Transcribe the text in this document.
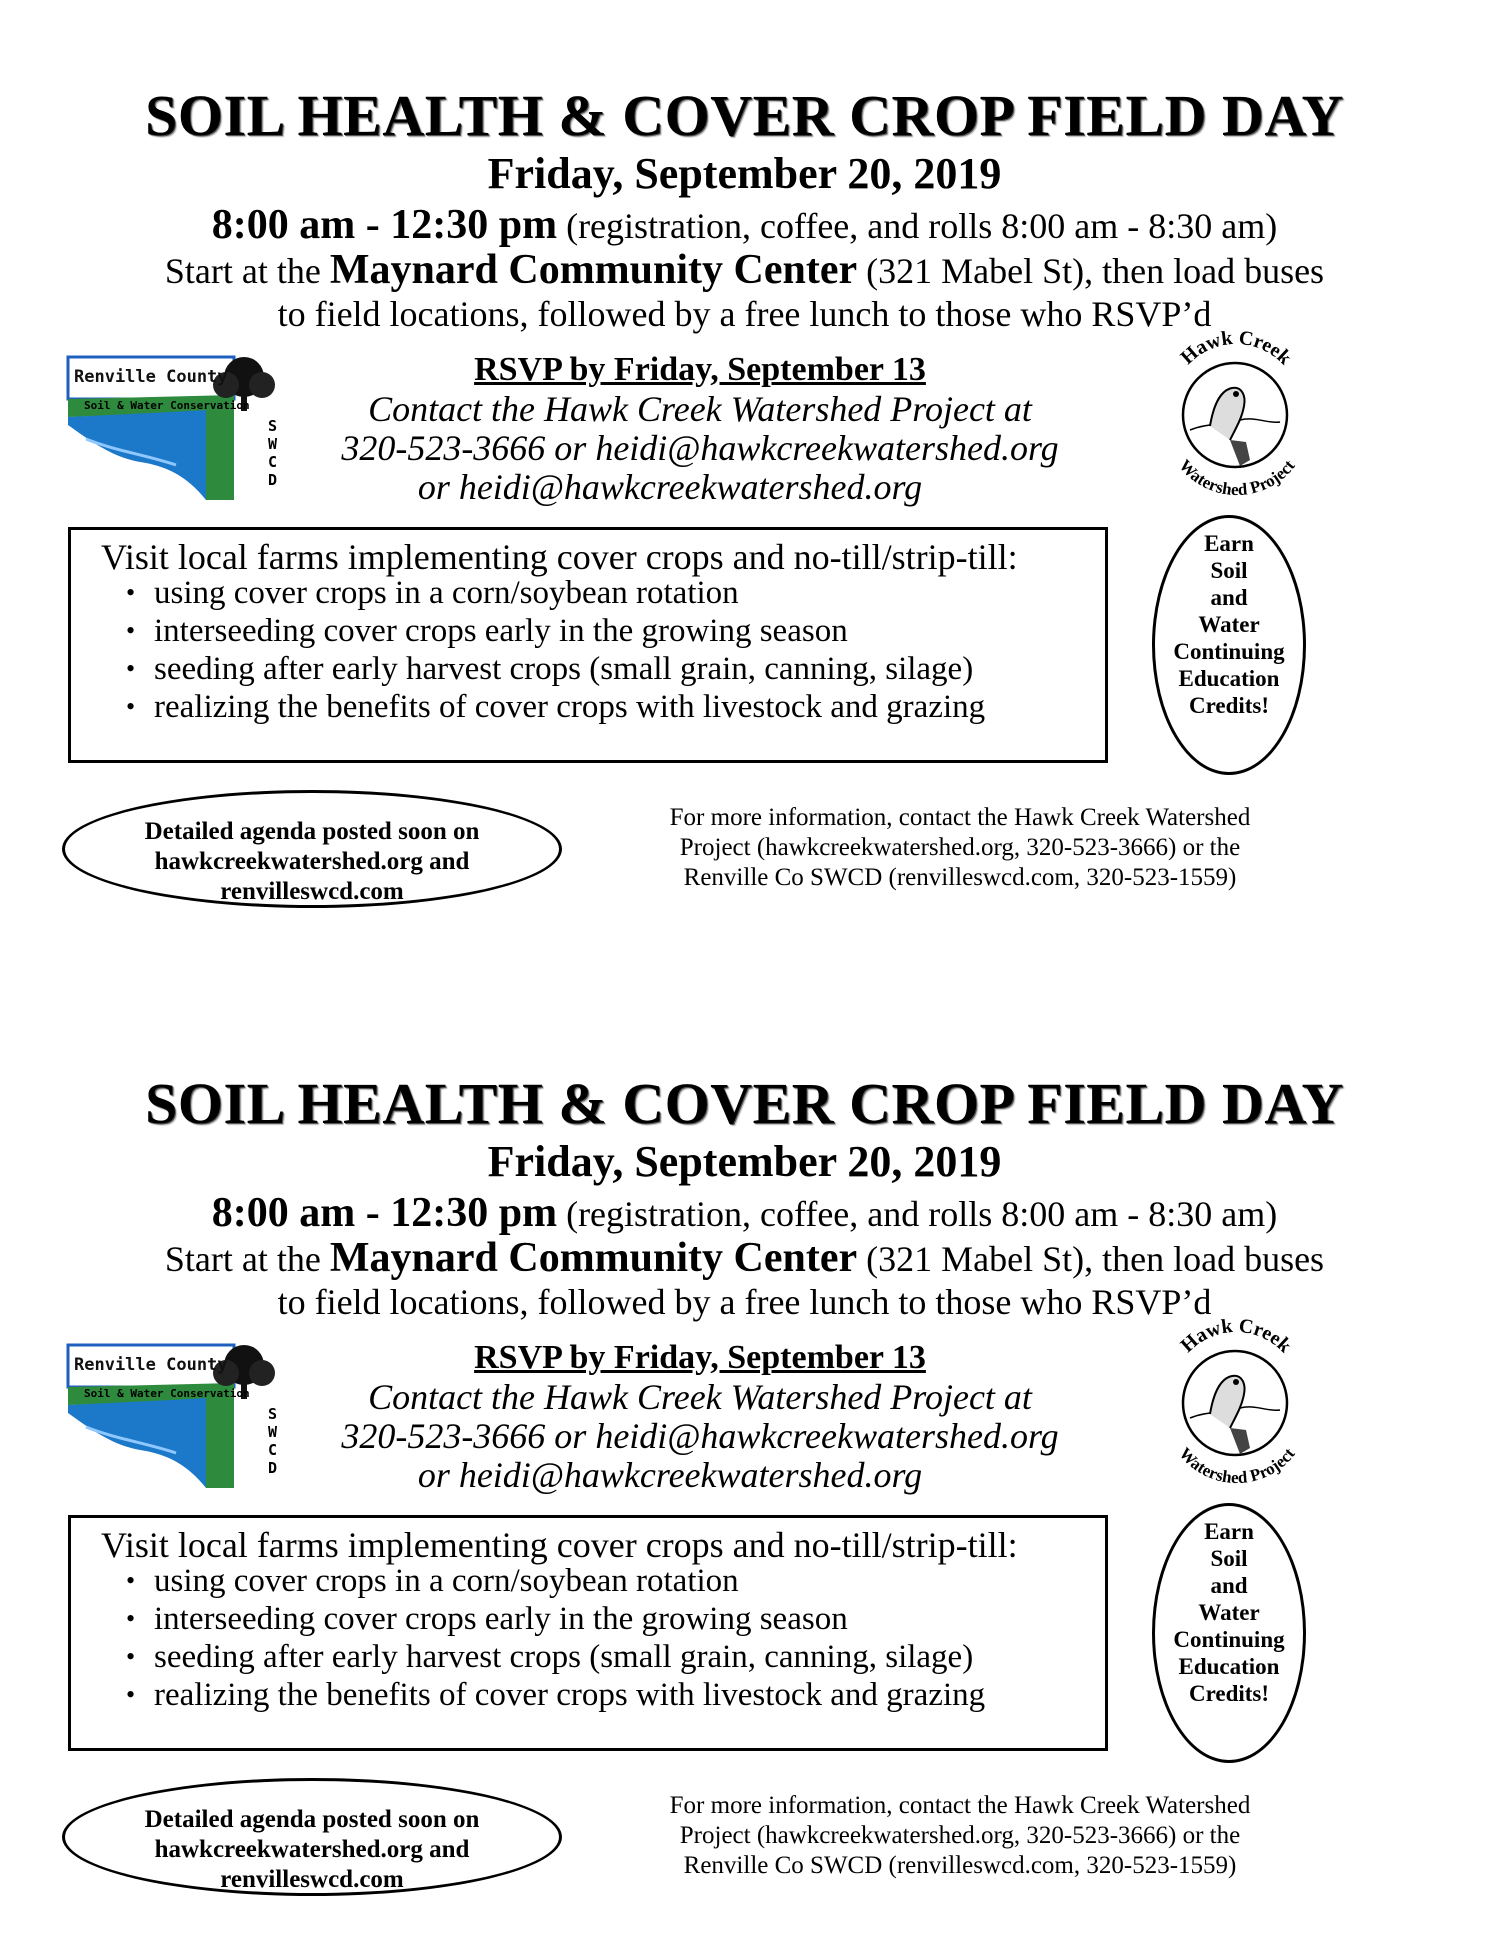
SOIL HEALTH & COVER CROP FIELD DAY
Friday, September 20, 2019
8:00 am - 12:30 pm (registration, coffee, and rolls 8:00 am - 8:30 am)
Start at the Maynard Community Center (321 Mabel St), then load buses
to field locations, followed by a free lunch to those who RSVP’d
Renville County
Soil & Water Conservation
S
W
C
D
RSVP by Friday, September 13
Contact the Hawk Creek Watershed Project at
320-523-3666 or heidi@hawkcreekwatershed.org
or heidi@hawkcreekwatershed.org
Hawk Creek
Watershed Project
Visit local farms implementing cover crops and no-till/strip-till:
• using cover crops in a corn/soybean rotation
• interseeding cover crops early in the growing season
• seeding after early harvest crops (small grain, canning, silage)
• realizing the benefits of cover crops with livestock and grazing
Earn
Soil
and
Water
Continuing
Education
Credits!
Detailed agenda posted soon on
hawkcreekwatershed.org and
renvilleswcd.com
For more information, contact the Hawk Creek Watershed
Project (hawkcreekwatershed.org, 320-523-3666) or the
Renville Co SWCD (renvilleswcd.com, 320-523-1559)
SOIL HEALTH & COVER CROP FIELD DAY
Friday, September 20, 2019
8:00 am - 12:30 pm (registration, coffee, and rolls 8:00 am - 8:30 am)
Start at the Maynard Community Center (321 Mabel St), then load buses
to field locations, followed by a free lunch to those who RSVP’d
Renville County
Soil & Water Conservation
S
W
C
D
RSVP by Friday, September 13
Contact the Hawk Creek Watershed Project at
320-523-3666 or heidi@hawkcreekwatershed.org
or heidi@hawkcreekwatershed.org
Hawk Creek
Watershed Project
Visit local farms implementing cover crops and no-till/strip-till:
• using cover crops in a corn/soybean rotation
• interseeding cover crops early in the growing season
• seeding after early harvest crops (small grain, canning, silage)
• realizing the benefits of cover crops with livestock and grazing
Earn
Soil
and
Water
Continuing
Education
Credits!
Detailed agenda posted soon on
hawkcreekwatershed.org and
renvilleswcd.com
For more information, contact the Hawk Creek Watershed
Project (hawkcreekwatershed.org, 320-523-3666) or the
Renville Co SWCD (renvilleswcd.com, 320-523-1559)
